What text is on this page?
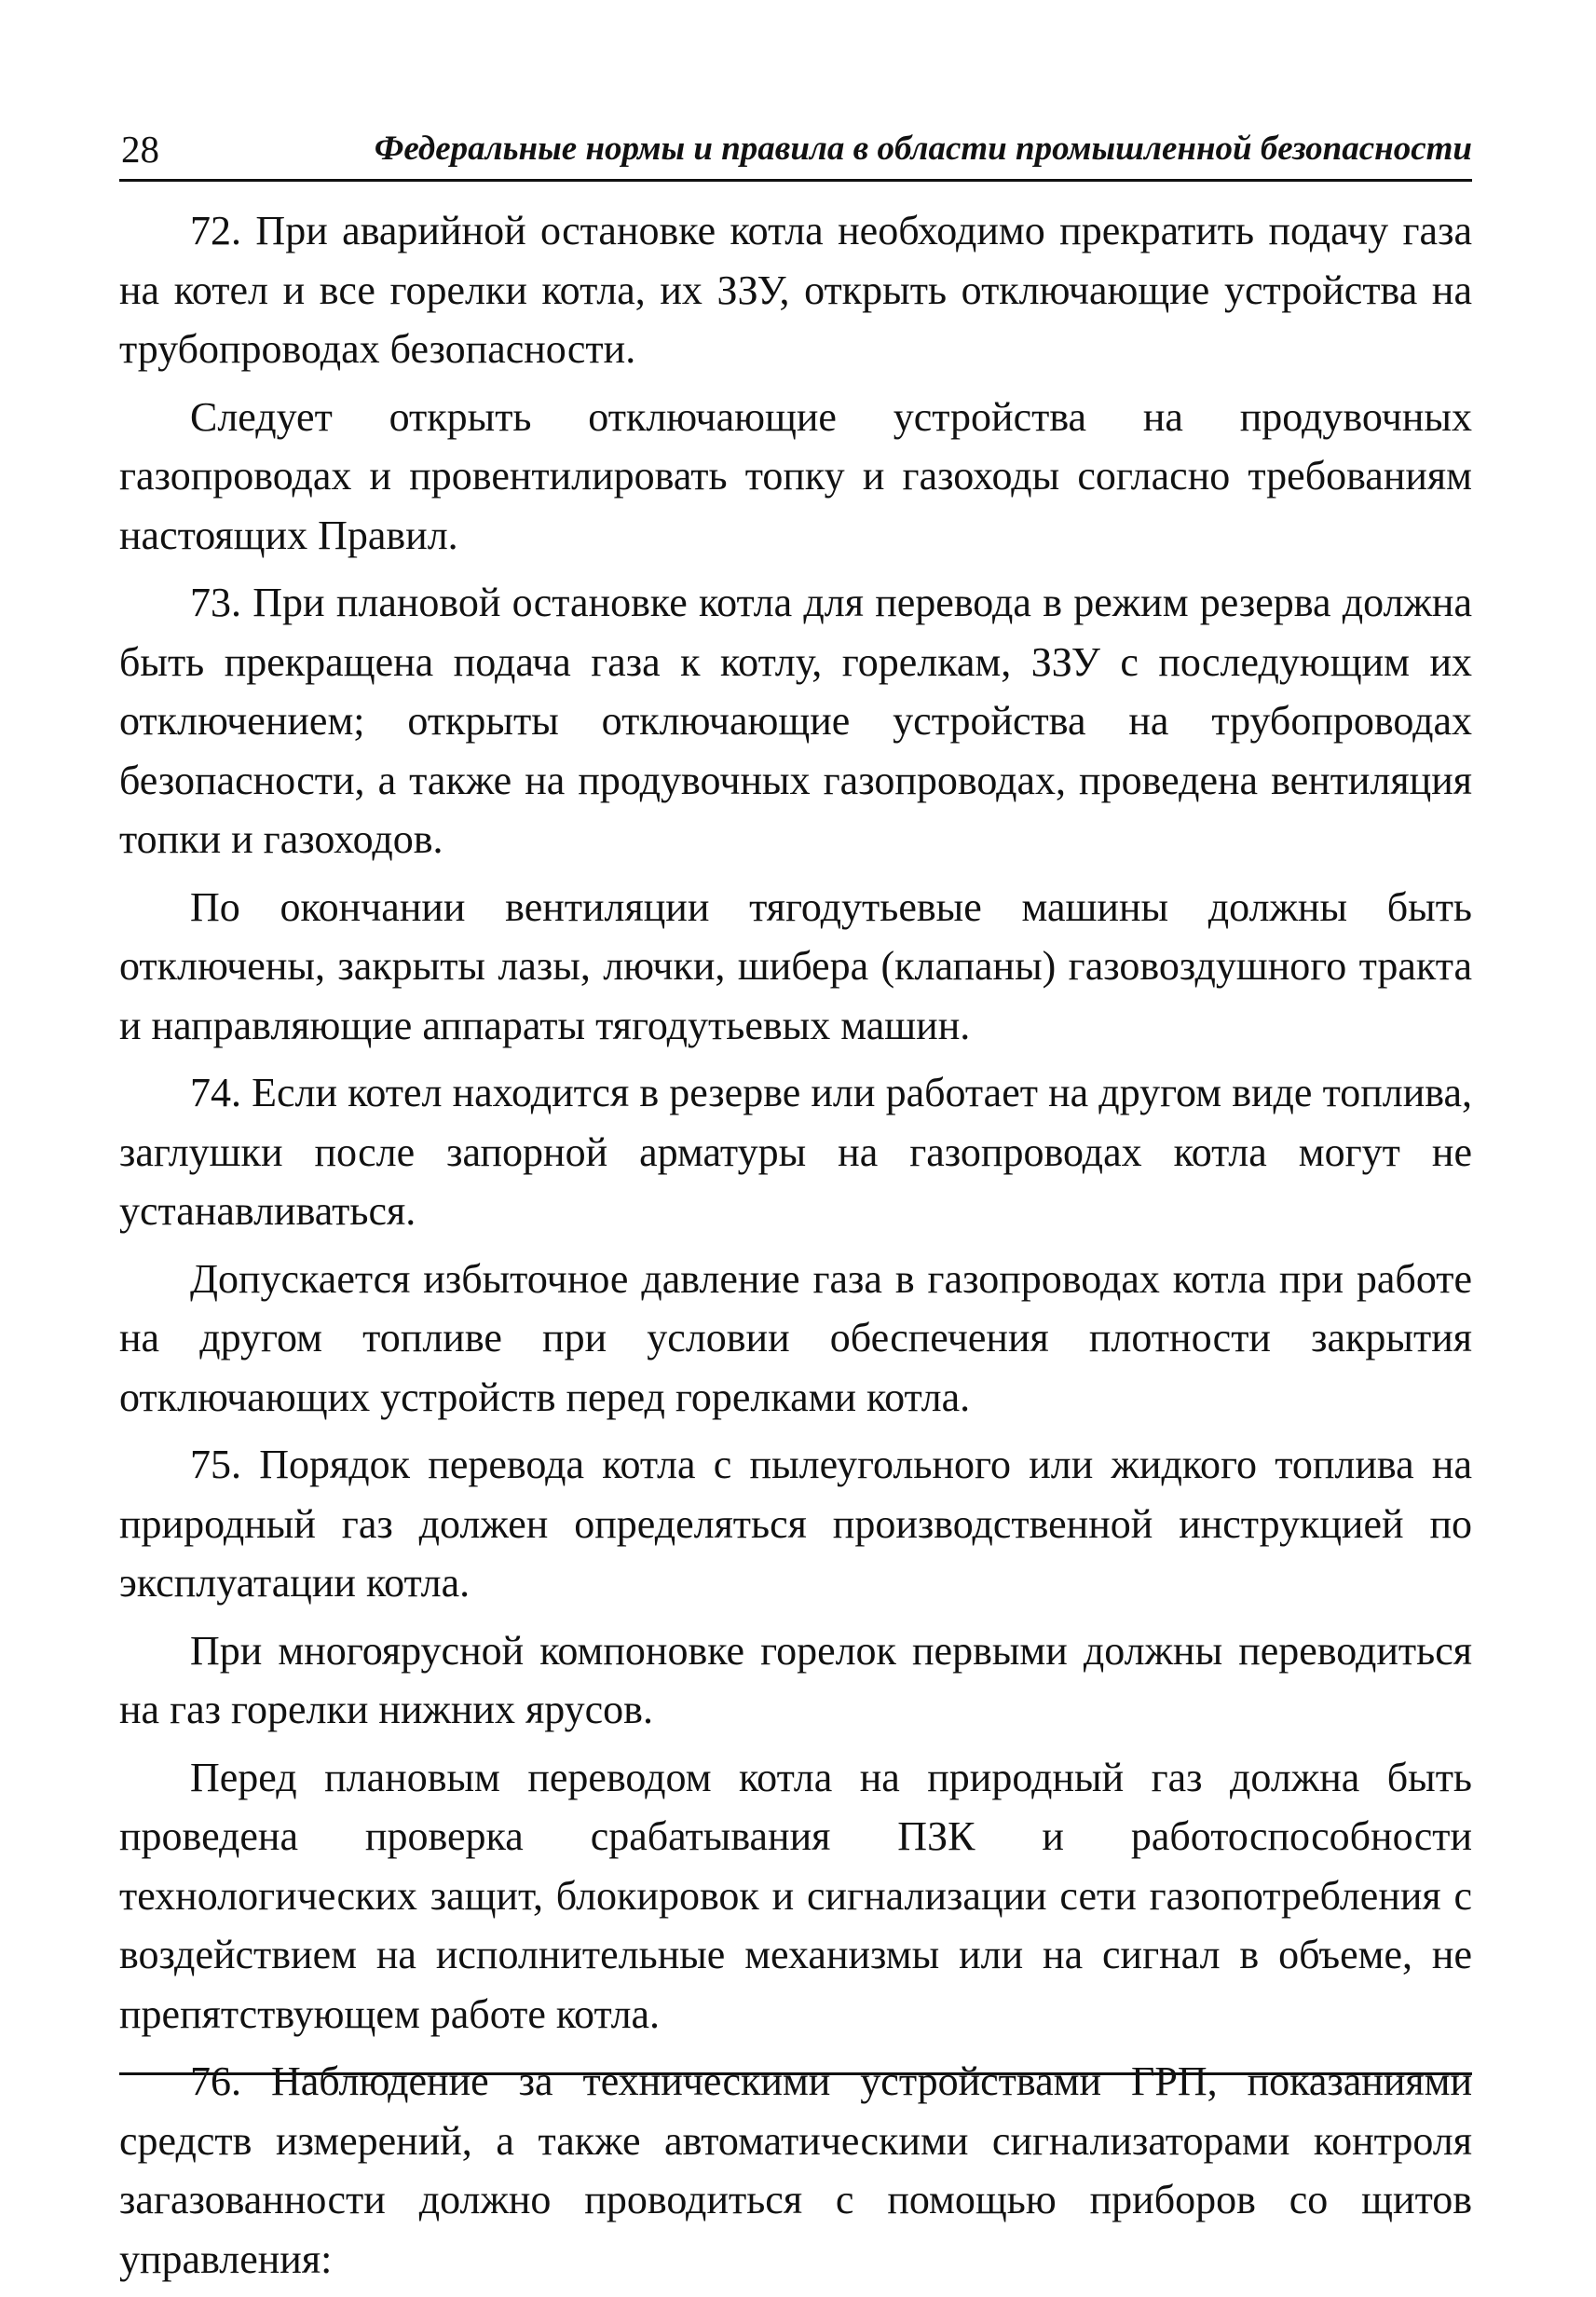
28	Федеральные нормы и правила в области промышленной безопасности

72. При аварийной остановке котла необходимо прекратить подачу газа на котел и все горелки котла, их ЗЗУ, открыть отключающие устройства на трубопроводах безопасности.

Следует открыть отключающие устройства на продувочных газопроводах и провентилировать топку и газоходы согласно требованиям настоящих Правил.

73. При плановой остановке котла для перевода в режим резерва должна быть прекращена подача газа к котлу, горелкам, ЗЗУ с последующим их отключением; открыты отключающие устройства на трубопроводах безопасности, а также на продувочных газопроводах, проведена вентиляция топки и газоходов.

По окончании вентиляции тягодутьевые машины должны быть отключены, закрыты лазы, лючки, шибера (клапаны) газовоздушного тракта и направляющие аппараты тягодутьевых машин.

74. Если котел находится в резерве или работает на другом виде топлива, заглушки после запорной арматуры на газопроводах котла могут не устанавливаться.

Допускается избыточное давление газа в газопроводах котла при работе на другом топливе при условии обеспечения плотности закрытия отключающих устройств перед горелками котла.

75. Порядок перевода котла с пылеугольного или жидкого топлива на природный газ должен определяться производственной инструкцией по эксплуатации котла.

При многоярусной компоновке горелок первыми должны переводиться на газ горелки нижних ярусов.

Перед плановым переводом котла на природный газ должна быть проведена проверка срабатывания ПЗК и работоспособности технологических защит, блокировок и сигнализации сети газопотребления с воздействием на исполнительные механизмы или на сигнал в объеме, не препятствующем работе котла.

76. Наблюдение за техническими устройствами ГРП, показаниями средств измерений, а также автоматическими сигнализаторами контроля загазованности должно проводиться с помощью приборов со щитов управления:
